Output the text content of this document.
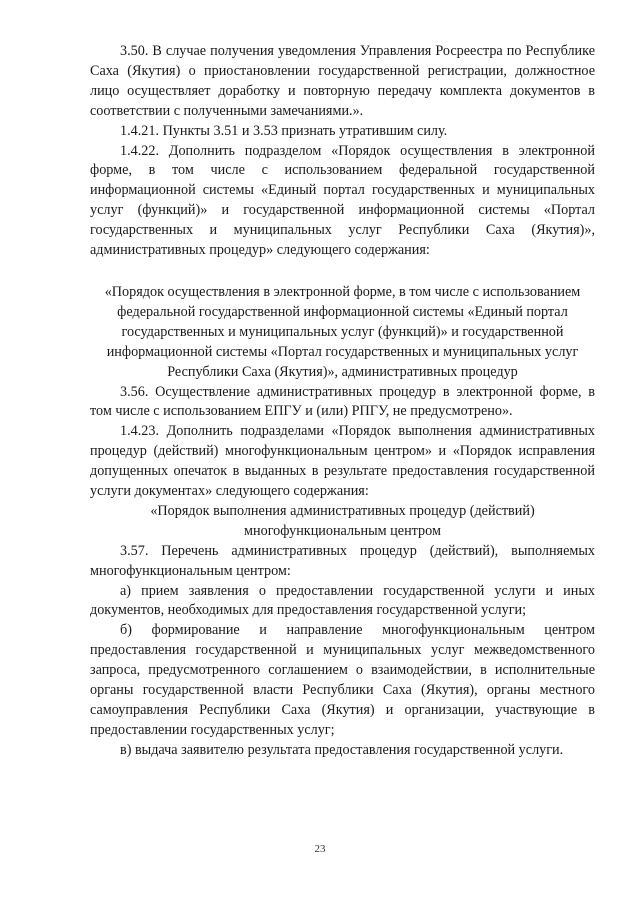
3.50. В случае получения уведомления Управления Росреестра по Республике Саха (Якутия) о приостановлении государственной регистрации, должностное лицо осуществляет доработку и повторную передачу комплекта документов в соответствии с полученными замечаниями.».

1.4.21. Пункты 3.51 и 3.53 признать утратившим силу.

1.4.22. Дополнить подразделом «Порядок осуществления в электронной форме, в том числе с использованием федеральной государственной информационной системы «Единый портал государственных и муниципальных услуг (функций)» и государственной информационной системы «Портал государственных и муниципальных услуг Республики Саха (Якутия)», административных процедур» следующего содержания:

«Порядок осуществления в электронной форме, в том числе с использованием федеральной государственной информационной системы «Единый портал государственных и муниципальных услуг (функций)» и государственной информационной системы «Портал государственных и муниципальных услуг Республики Саха (Якутия)», административных процедур

3.56. Осуществление административных процедур в электронной форме, в том числе с использованием ЕПГУ и (или) РПГУ, не предусмотрено».

1.4.23. Дополнить подразделами «Порядок выполнения административных процедур (действий) многофункциональным центром» и «Порядок исправления допущенных опечаток в выданных в результате предоставления государственной услуги документах» следующего содержания:

«Порядок выполнения административных процедур (действий) многофункциональным центром

3.57. Перечень административных процедур (действий), выполняемых многофункциональным центром:

а) прием заявления о предоставлении государственной услуги и иных документов, необходимых для предоставления государственной услуги;

б) формирование и направление многофункциональным центром предоставления государственной и муниципальных услуг межведомственного запроса, предусмотренного соглашением о взаимодействии, в исполнительные органы государственной власти Республики Саха (Якутия), органы местного самоуправления Республики Саха (Якутия) и организации, участвующие в предоставлении государственных услуг;

в) выдача заявителю результата предоставления государственной услуги.

23
